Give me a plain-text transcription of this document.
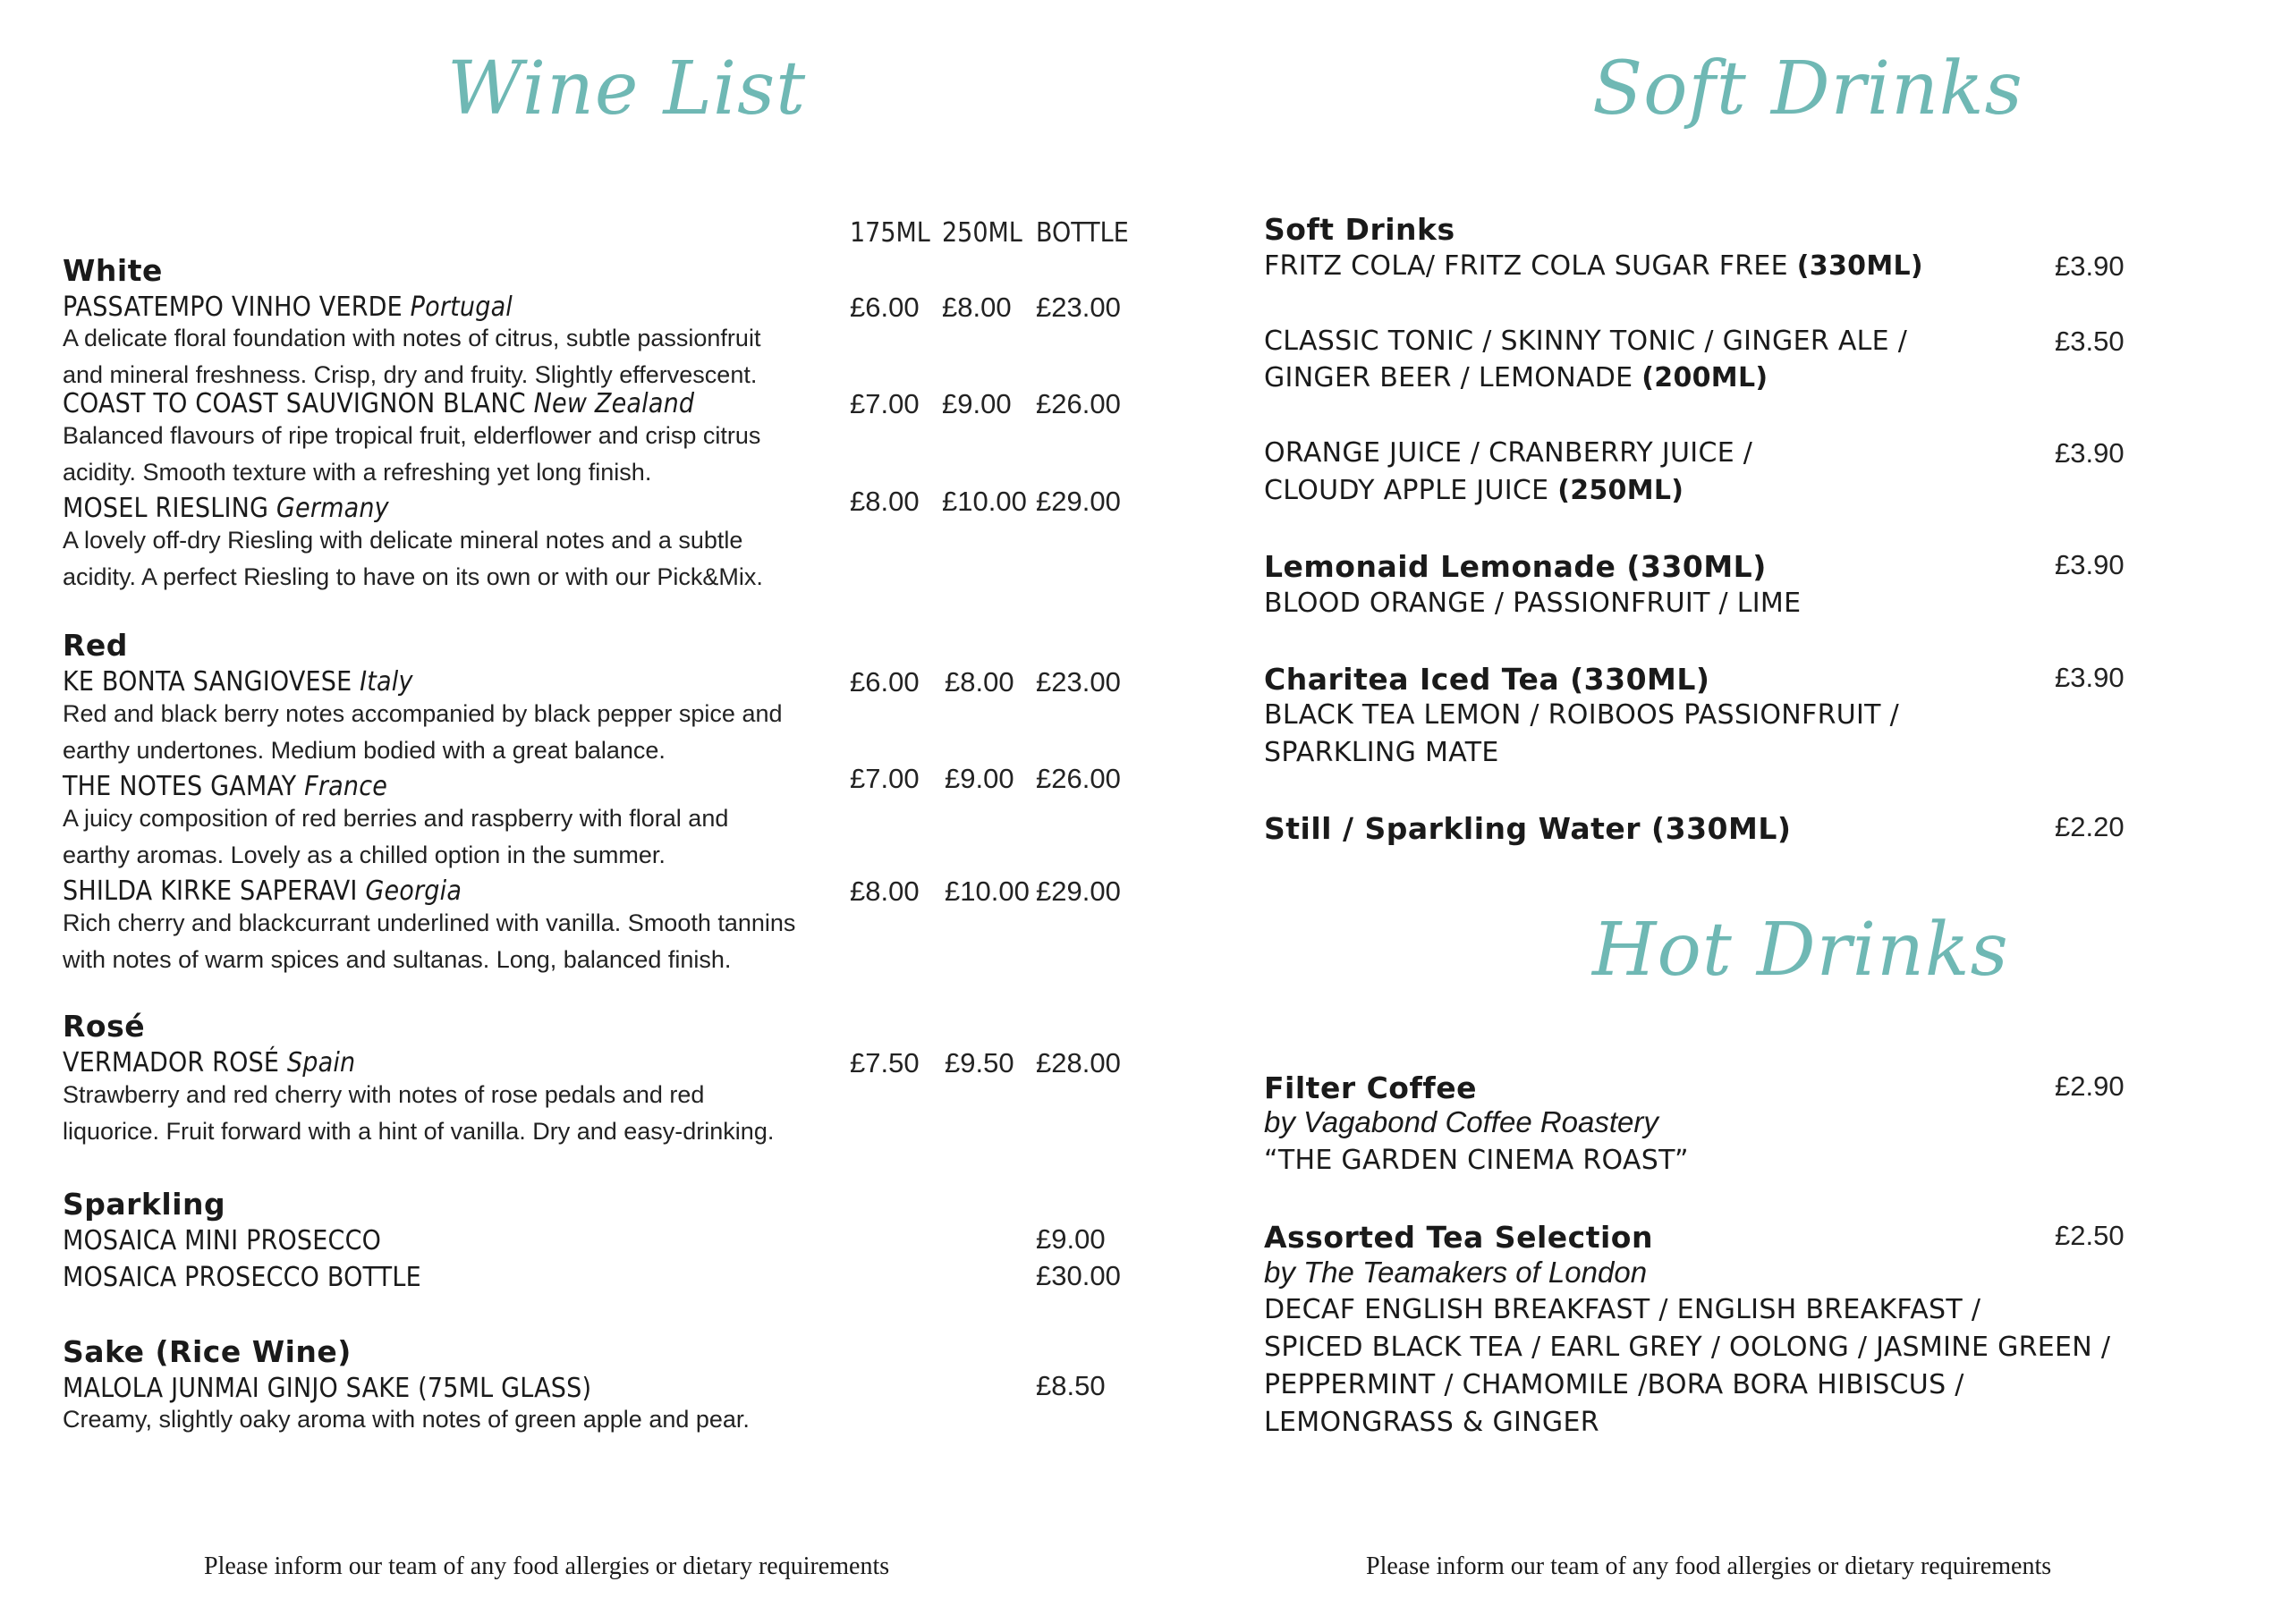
Wine List
175ML 250ML BOTTLE
White
PASSATEMPO VINHO VERDE Portugal
A delicate floral foundation with notes of citrus, subtle passionfruit
and mineral freshness. Crisp, dry and fruity. Slightly effervescent.
£6.00 £8.00 £23.00
COAST TO COAST SAUVIGNON BLANC New Zealand
Balanced flavours of ripe tropical fruit, elderflower and crisp citrus
acidity. Smooth texture with a refreshing yet long finish.
£7.00 £9.00 £26.00
MOSEL RIESLING Germany
A lovely off-dry Riesling with delicate mineral notes and a subtle
acidity. A perfect Riesling to have on its own or with our Pick&Mix.
£8.00 £10.00 £29.00
Red
KE BONTA SANGIOVESE Italy
Red and black berry notes accompanied by black pepper spice and
earthy undertones. Medium bodied with a great balance.
£6.00 £8.00 £23.00
THE NOTES GAMAY France
A juicy composition of red berries and raspberry with floral and
earthy aromas. Lovely as a chilled option in the summer.
£7.00 £9.00 £26.00
SHILDA KIRKE SAPERAVI Georgia
Rich cherry and blackcurrant underlined with vanilla. Smooth tannins
with notes of warm spices and sultanas. Long, balanced finish.
£8.00 £10.00 £29.00
Rosé
VERMADOR ROSÉ Spain
Strawberry and red cherry with notes of rose pedals and red
liquorice. Fruit forward with a hint of vanilla. Dry and easy-drinking.
£7.50 £9.50 £28.00
Sparkling
MOSAICA MINI PROSECCO	£9.00
MOSAICA PROSECCO BOTTLE	£30.00
Sake (Rice Wine)
MALOLA JUNMAI GINJO SAKE (75ML GLASS)
Creamy, slightly oaky aroma with notes of green apple and pear.
£8.50
Please inform our team of any food allergies or dietary requirements
Soft Drinks
Soft Drinks
FRITZ COLA/ FRITZ COLA SUGAR FREE (330ML)	£3.90
CLASSIC TONIC / SKINNY TONIC / GINGER ALE /
GINGER BEER / LEMONADE (200ML)
£3.50
ORANGE JUICE / CRANBERRY JUICE /
CLOUDY APPLE JUICE (250ML)
£3.90
Lemonaid Lemonade (330ML)
BLOOD ORANGE / PASSIONFRUIT / LIME
£3.90
Charitea Iced Tea (330ML)
BLACK TEA LEMON / ROIBOOS PASSIONFRUIT /
SPARKLING MATE
£3.90
Still / Sparkling Water (330ML)	£2.20
Hot Drinks
Filter Coffee
by Vagabond Coffee Roastery
“THE GARDEN CINEMA ROAST”
£2.90
Assorted Tea Selection
by The Teamakers of London
DECAF ENGLISH BREAKFAST / ENGLISH BREAKFAST /
SPICED BLACK TEA / EARL GREY / OOLONG / JASMINE GREEN /
PEPPERMINT / CHAMOMILE /BORA BORA HIBISCUS /
LEMONGRASS & GINGER
£2.50
Please inform our team of any food allergies or dietary requirements
